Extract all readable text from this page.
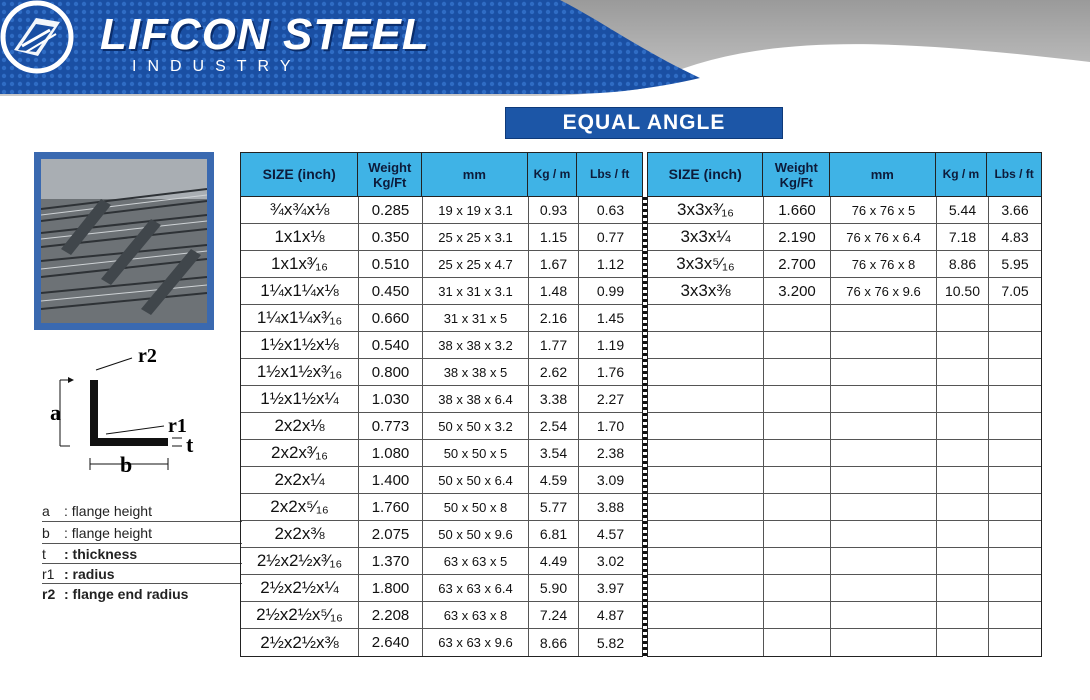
LIFCON STEEL
INDUSTRY
EQUAL ANGLE
a
b
t
r1
r2
a : flange height
b : flange height
t : thickness
r1 : radius
r2 : flange end radius
SIZE (inch)	Weight Kg/Ft	mm	Kg / m	Lbs / ft
¾x¾x⅛	0.285	19 x 19 x 3.1	0.93	0.63
1x1x⅛	0.350	25 x 25 x 3.1	1.15	0.77
1x1x³⁄₁₆	0.510	25 x 25 x 4.7	1.67	1.12
1¼x1¼x⅛	0.450	31 x 31 x 3.1	1.48	0.99
1¼x1¼x³⁄₁₆	0.660	31 x 31 x 5	2.16	1.45
1½x1½x⅛	0.540	38 x 38 x 3.2	1.77	1.19
1½x1½x³⁄₁₆	0.800	38 x 38 x 5	2.62	1.76
1½x1½x¼	1.030	38 x 38 x 6.4	3.38	2.27
2x2x⅛	0.773	50 x 50 x 3.2	2.54	1.70
2x2x³⁄₁₆	1.080	50 x 50 x 5	3.54	2.38
2x2x¼	1.400	50 x 50 x 6.4	4.59	3.09
2x2x⁵⁄₁₆	1.760	50 x 50 x 8	5.77	3.88
2x2x⅜	2.075	50 x 50 x 9.6	6.81	4.57
2½x2½x³⁄₁₆	1.370	63 x 63 x 5	4.49	3.02
2½x2½x¼	1.800	63 x 63 x 6.4	5.90	3.97
2½x2½x⁵⁄₁₆	2.208	63 x 63 x 8	7.24	4.87
2½x2½x⅜	2.640	63 x 63 x 9.6	8.66	5.82
SIZE (inch)	Weight Kg/Ft	mm	Kg / m	Lbs / ft
3x3x³⁄₁₆	1.660	76 x 76 x 5	5.44	3.66
3x3x¼	2.190	76 x 76 x 6.4	7.18	4.83
3x3x⁵⁄₁₆	2.700	76 x 76 x 8	8.86	5.95
3x3x⅜	3.200	76 x 76 x 9.6	10.50	7.05
